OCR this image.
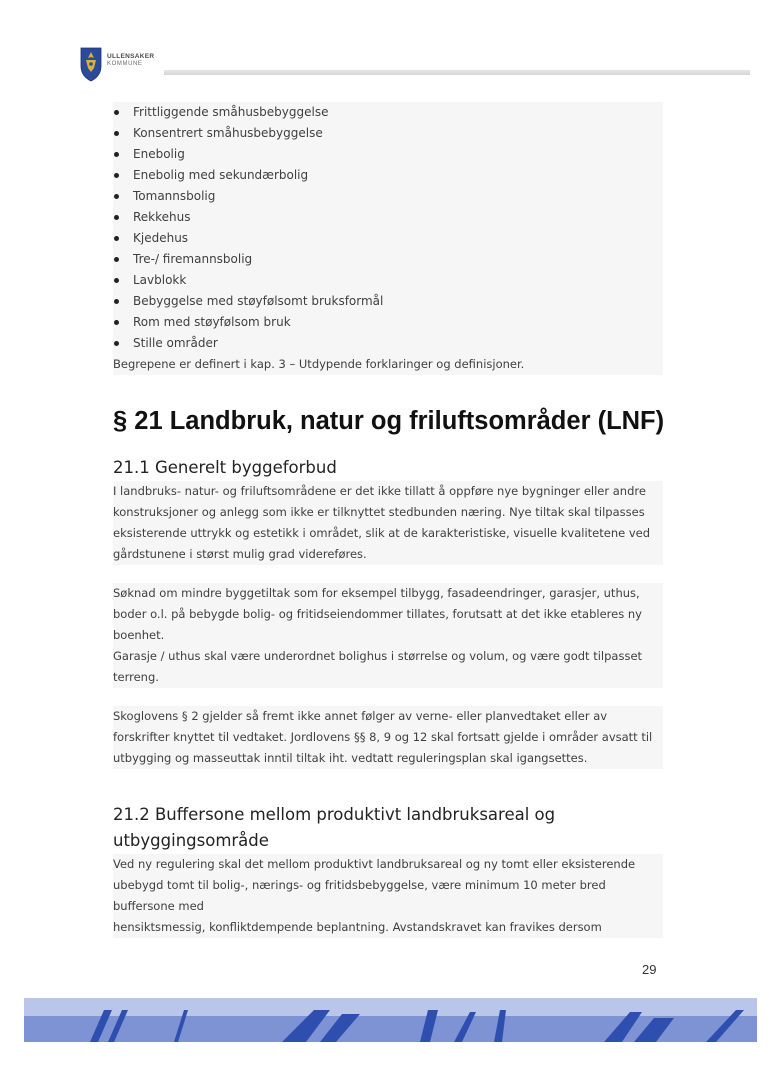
ULLENSAKER
KOMMUNE
Frittliggende småhusbebyggelse
Konsentrert småhusbebyggelse
Enebolig
Enebolig med sekundærbolig
Tomannsbolig
Rekkehus
Kjedehus
Tre-/ firemannsbolig
Lavblokk
Bebyggelse med støyfølsomt bruksformål
Rom med støyfølsom bruk
Stille områder

Begrepene er definert i kap. 3 – Utdypende forklaringer og definisjoner.

§ 21 Landbruk, natur og friluftsområder (LNF)
21.1 Generelt byggeforbud

I landbruks- natur- og friluftsområdene er det ikke tillatt å oppføre nye bygninger eller andre

konstruksjoner og anlegg som ikke er tilknyttet stedbunden næring. Nye tiltak skal tilpasses

eksisterende uttrykk og estetikk i området, slik at de karakteristiske, visuelle kvalitetene ved

gårdstunene i størst mulig grad videreføres.

Søknad om mindre byggetiltak som for eksempel tilbygg, fasadeendringer, garasjer, uthus,

boder o.l. på bebygde bolig- og fritidseiendommer tillates, forutsatt at det ikke etableres ny

boenhet.

Garasje / uthus skal være underordnet bolighus i størrelse og volum, og være godt tilpasset

terreng.

Skoglovens § 2 gjelder så fremt ikke annet følger av verne- eller planvedtaket eller av

forskrifter knyttet til vedtaket. Jordlovens §§ 8, 9 og 12 skal fortsatt gjelde i områder avsatt til

utbygging og masseuttak inntil tiltak iht. vedtatt reguleringsplan skal igangsettes.

21.2 Buffersone mellom produktivt landbruksareal og
utbyggingsområde

Ved ny regulering skal det mellom produktivt landbruksareal og ny tomt eller eksisterende

ubebygd tomt til bolig-, nærings- og fritidsbebyggelse, være minimum 10 meter bred

buffersone med

hensiktsmessig, konfliktdempende beplantning. Avstandskravet kan fravikes dersom

29
